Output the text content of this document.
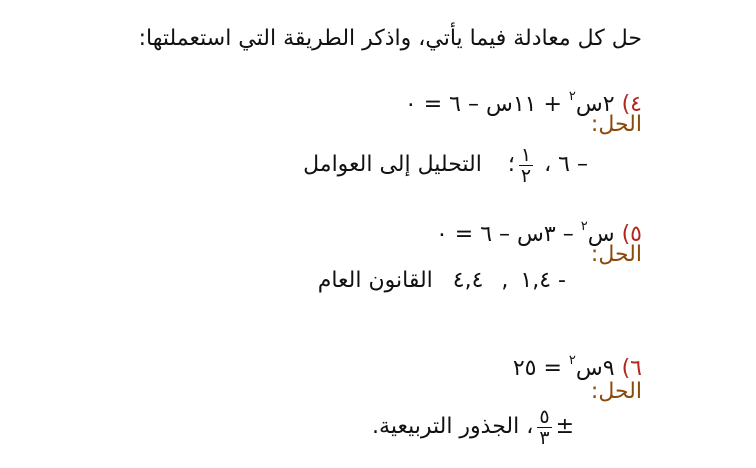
حل كل معادلة فيما يأتي، واذكر الطريقة التي استعملتها:
٤) ٢س$^٢$ + ١١س – ٦ = ٠
الحل:
– ٦ ،
$\frac{١}{٢}$
؛التحليل إلى العوامل
٥) س$^٢$ – ٣س – ٦ = ٠
الحل:
- ١,٤,٤,٤القانون العام
٦) ٩س$^٢$ = ٢٥
الحل:
±
$\frac{٥}{٣}$
، الجذور التربيعية.
